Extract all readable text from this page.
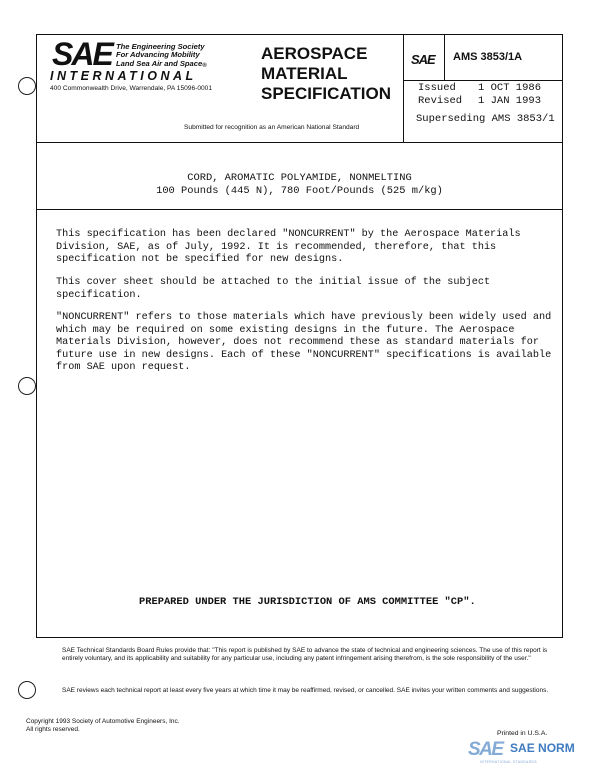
SAE The Engineering Society
For Advancing Mobility
Land Sea Air and Space®
INTERNATIONAL
400 Commonwealth Drive, Warrendale, PA 15096-0001
Submitted for recognition as an American National Standard
AEROSPACE
MATERIAL
SPECIFICATION
SAE AMS 3853/1A
Issued 1 OCT 1986
Revised 1 JAN 1993
Superseding AMS 3853/1
CORD, AROMATIC POLYAMIDE, NONMELTING
100 Pounds (445 N), 780 Foot/Pounds (525 m/kg)

This specification has been declared "NONCURRENT" by the Aerospace Materials
Division, SAE, as of July, 1992. It is recommended, therefore, that this
specification not be specified for new designs.

This cover sheet should be attached to the initial issue of the subject
specification.

"NONCURRENT" refers to those materials which have previously been widely used and
which may be required on some existing designs in the future. The Aerospace
Materials Division, however, does not recommend these as standard materials for
future use in new designs. Each of these "NONCURRENT" specifications is available
from SAE upon request.

PREPARED UNDER THE JURISDICTION OF AMS COMMITTEE "CP".
SAE Technical Standards Board Rules provide that: "This report is published by SAE to advance the state of technical and engineering sciences. The use of this report is entirely voluntary, and its applicability and suitability for any particular use, including any patent infringement arising therefrom, is the sole responsibility of the user."
SAE reviews each technical report at least every five years at which time it may be reaffirmed, revised, or cancelled. SAE invites your written comments and suggestions.
Copyright 1993 Society of Automotive Engineers, Inc.
All rights reserved.
Printed in U.S.A.
SAE SAE NORM
INTERNATIONAL STANDARDS
